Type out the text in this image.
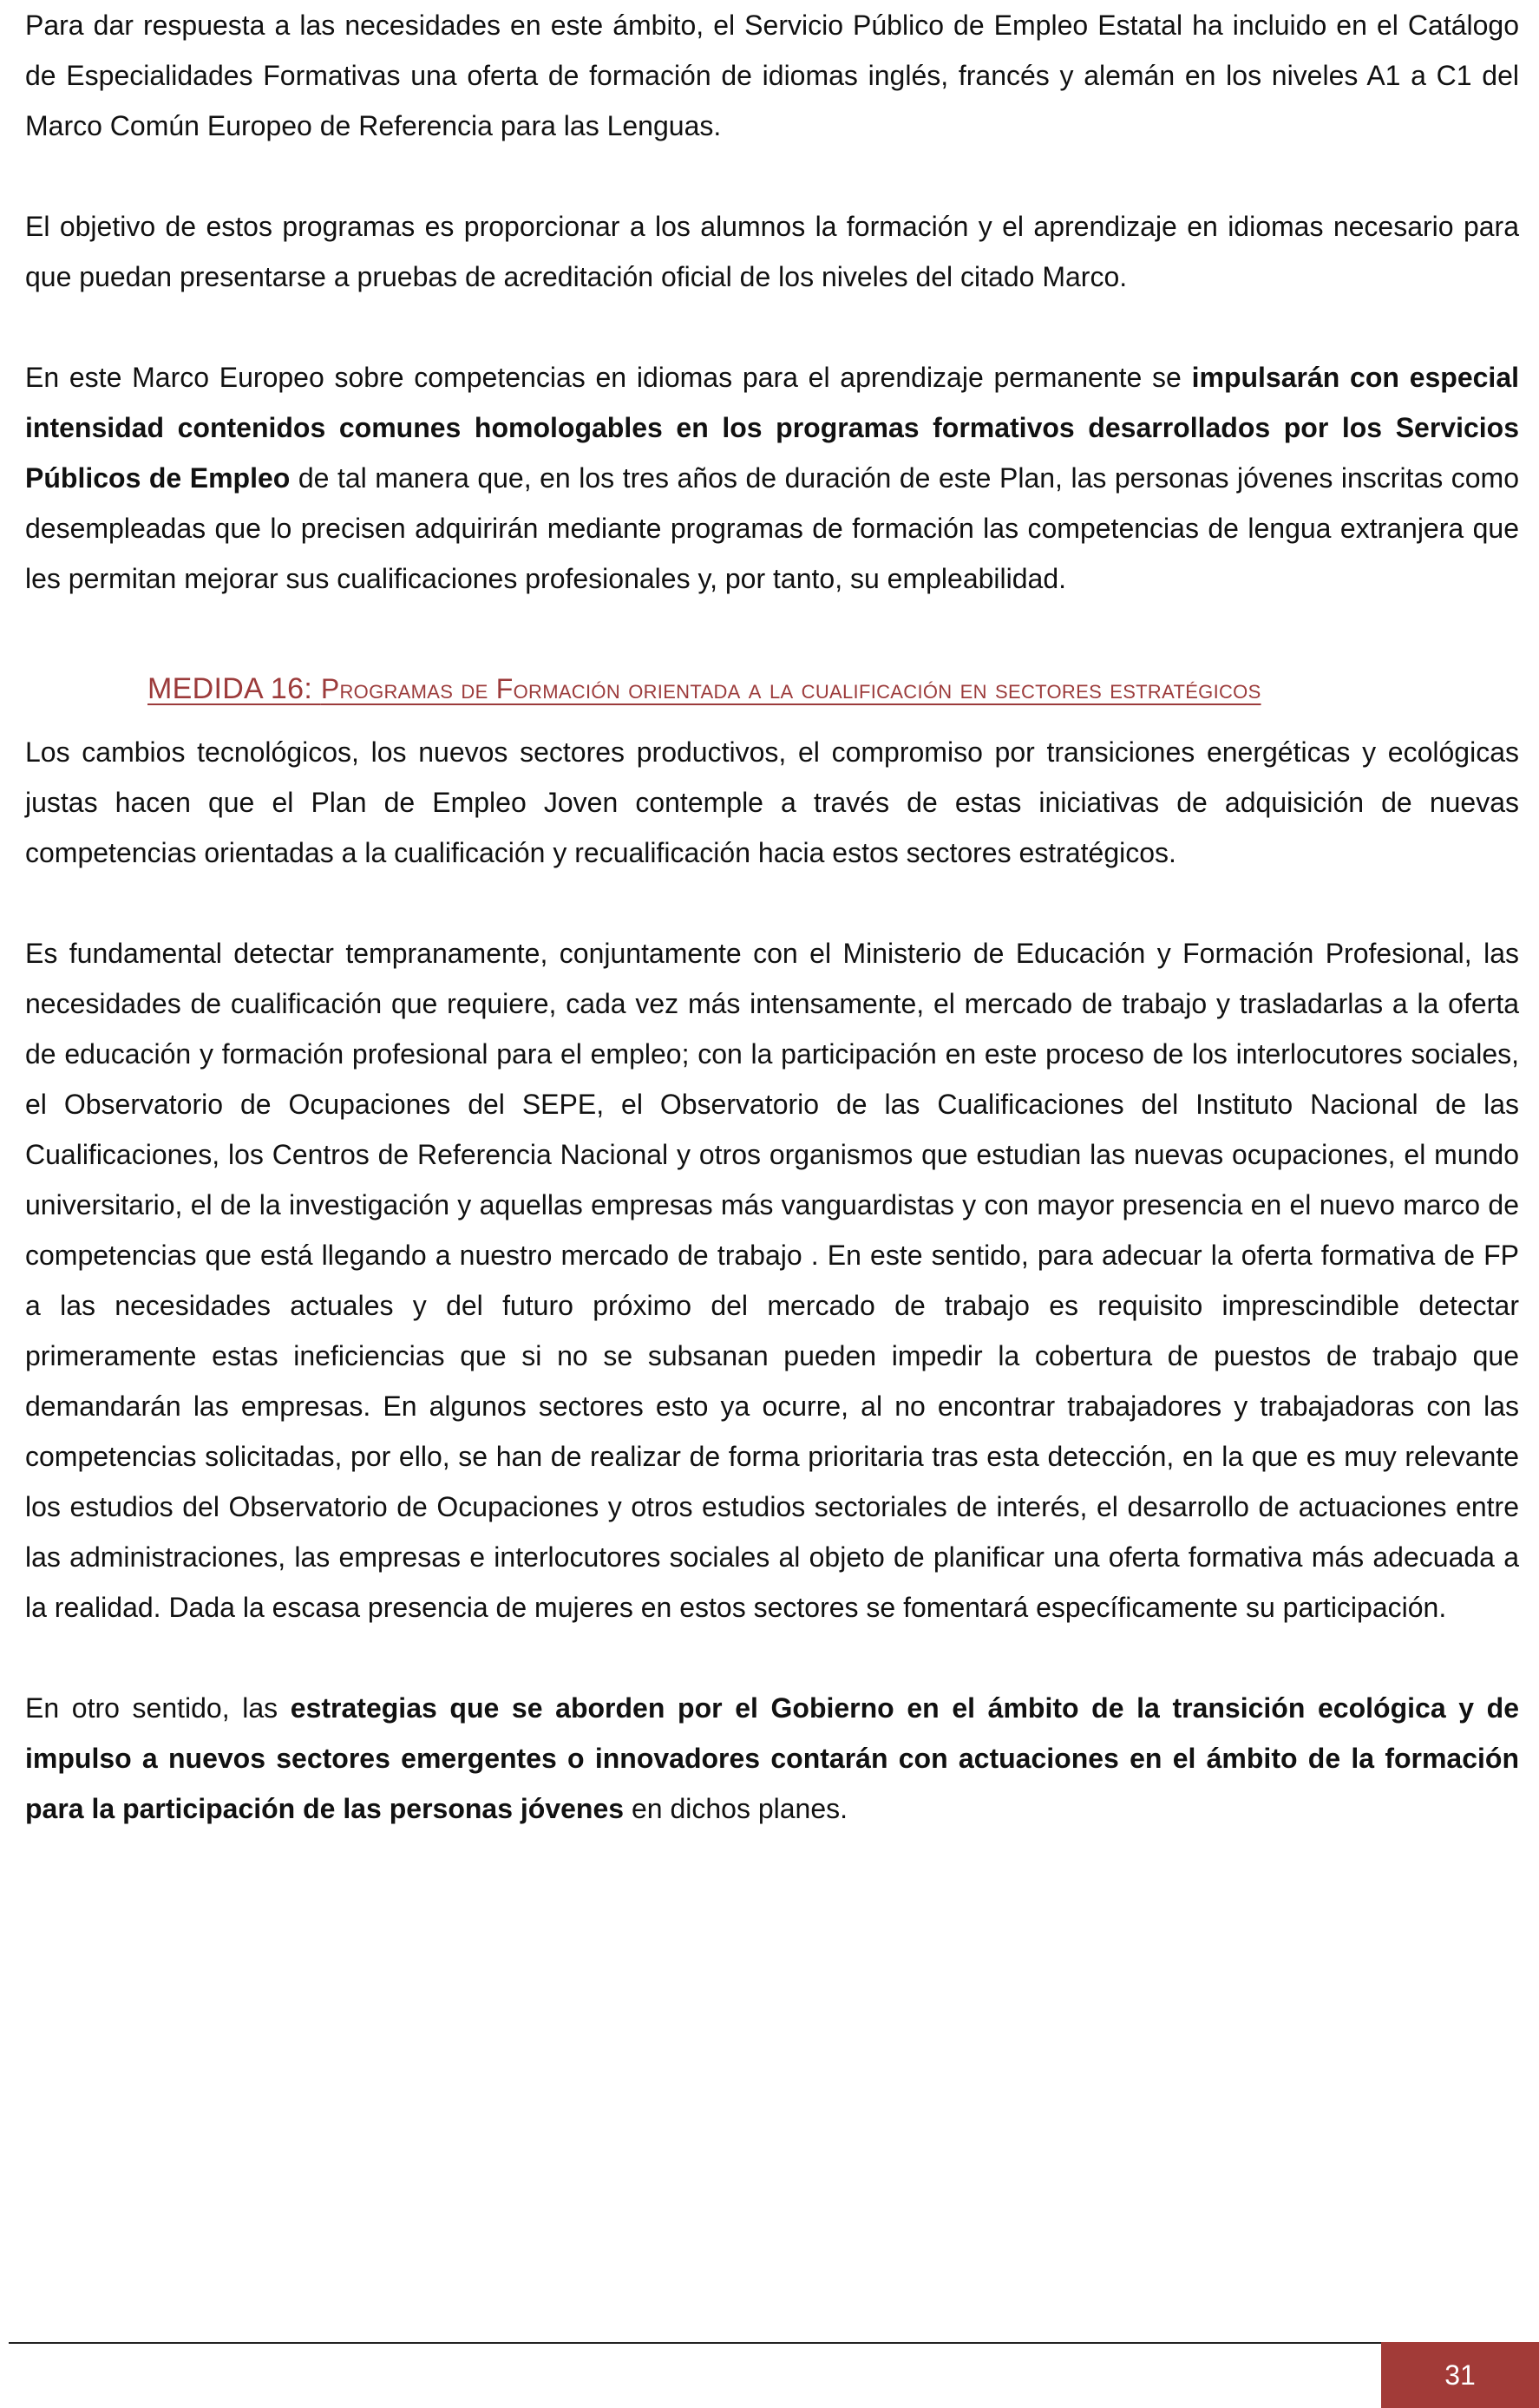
Para dar respuesta a las necesidades en este ámbito, el Servicio Público de Empleo Estatal ha incluido en el Catálogo de Especialidades Formativas una oferta de formación de idiomas inglés, francés y alemán en los niveles A1 a C1 del Marco Común Europeo de Referencia para las Lenguas.

El objetivo de estos programas es proporcionar a los alumnos la formación y el aprendizaje en idiomas necesario para que puedan presentarse a pruebas de acreditación oficial de los niveles del citado Marco.

En este Marco Europeo sobre competencias en idiomas para el aprendizaje permanente se impulsarán con especial intensidad contenidos comunes homologables en los programas formativos desarrollados por los Servicios Públicos de Empleo de tal manera que, en los tres años de duración de este Plan, las personas jóvenes inscritas como desempleadas que lo precisen adquirirán mediante programas de formación las competencias de lengua extranjera que les permitan mejorar sus cualificaciones profesionales y, por tanto, su empleabilidad.

MEDIDA 16: Programas de Formación orientada a la cualificación en sectores estratégicos

Los cambios tecnológicos, los nuevos sectores productivos, el compromiso por transiciones energéticas y ecológicas justas hacen que el Plan de Empleo Joven contemple a través de estas iniciativas de adquisición de nuevas competencias orientadas a la cualificación y recualificación hacia estos sectores estratégicos.

Es fundamental detectar tempranamente, conjuntamente con el Ministerio de Educación y Formación Profesional, las necesidades de cualificación que requiere, cada vez más intensamente, el mercado de trabajo y trasladarlas a la oferta de educación y formación profesional para el empleo; con la participación en este proceso de los interlocutores sociales, el Observatorio de Ocupaciones del SEPE, el Observatorio de las Cualificaciones del Instituto Nacional de las Cualificaciones, los Centros de Referencia Nacional y otros organismos que estudian las nuevas ocupaciones, el mundo universitario, el de la investigación y aquellas empresas más vanguardistas y con mayor presencia en el nuevo marco de competencias que está llegando a nuestro mercado de trabajo . En este sentido, para adecuar la oferta formativa de FP a las necesidades actuales y del futuro próximo del mercado de trabajo es requisito imprescindible detectar primeramente estas ineficiencias que si no se subsanan pueden impedir la cobertura de puestos de trabajo que demandarán las empresas. En algunos sectores esto ya ocurre, al no encontrar trabajadores y trabajadoras con las competencias solicitadas, por ello, se han de realizar de forma prioritaria tras esta detección, en la que es muy relevante los estudios del Observatorio de Ocupaciones y otros estudios sectoriales de interés, el desarrollo de actuaciones entre las administraciones, las empresas e interlocutores sociales al objeto de planificar una oferta formativa más adecuada a la realidad. Dada la escasa presencia de mujeres en estos sectores se fomentará específicamente su participación.

En otro sentido, las estrategias que se aborden por el Gobierno en el ámbito de la transición ecológica y de impulso a nuevos sectores emergentes o innovadores contarán con actuaciones en el ámbito de la formación para la participación de las personas jóvenes en dichos planes.

31
